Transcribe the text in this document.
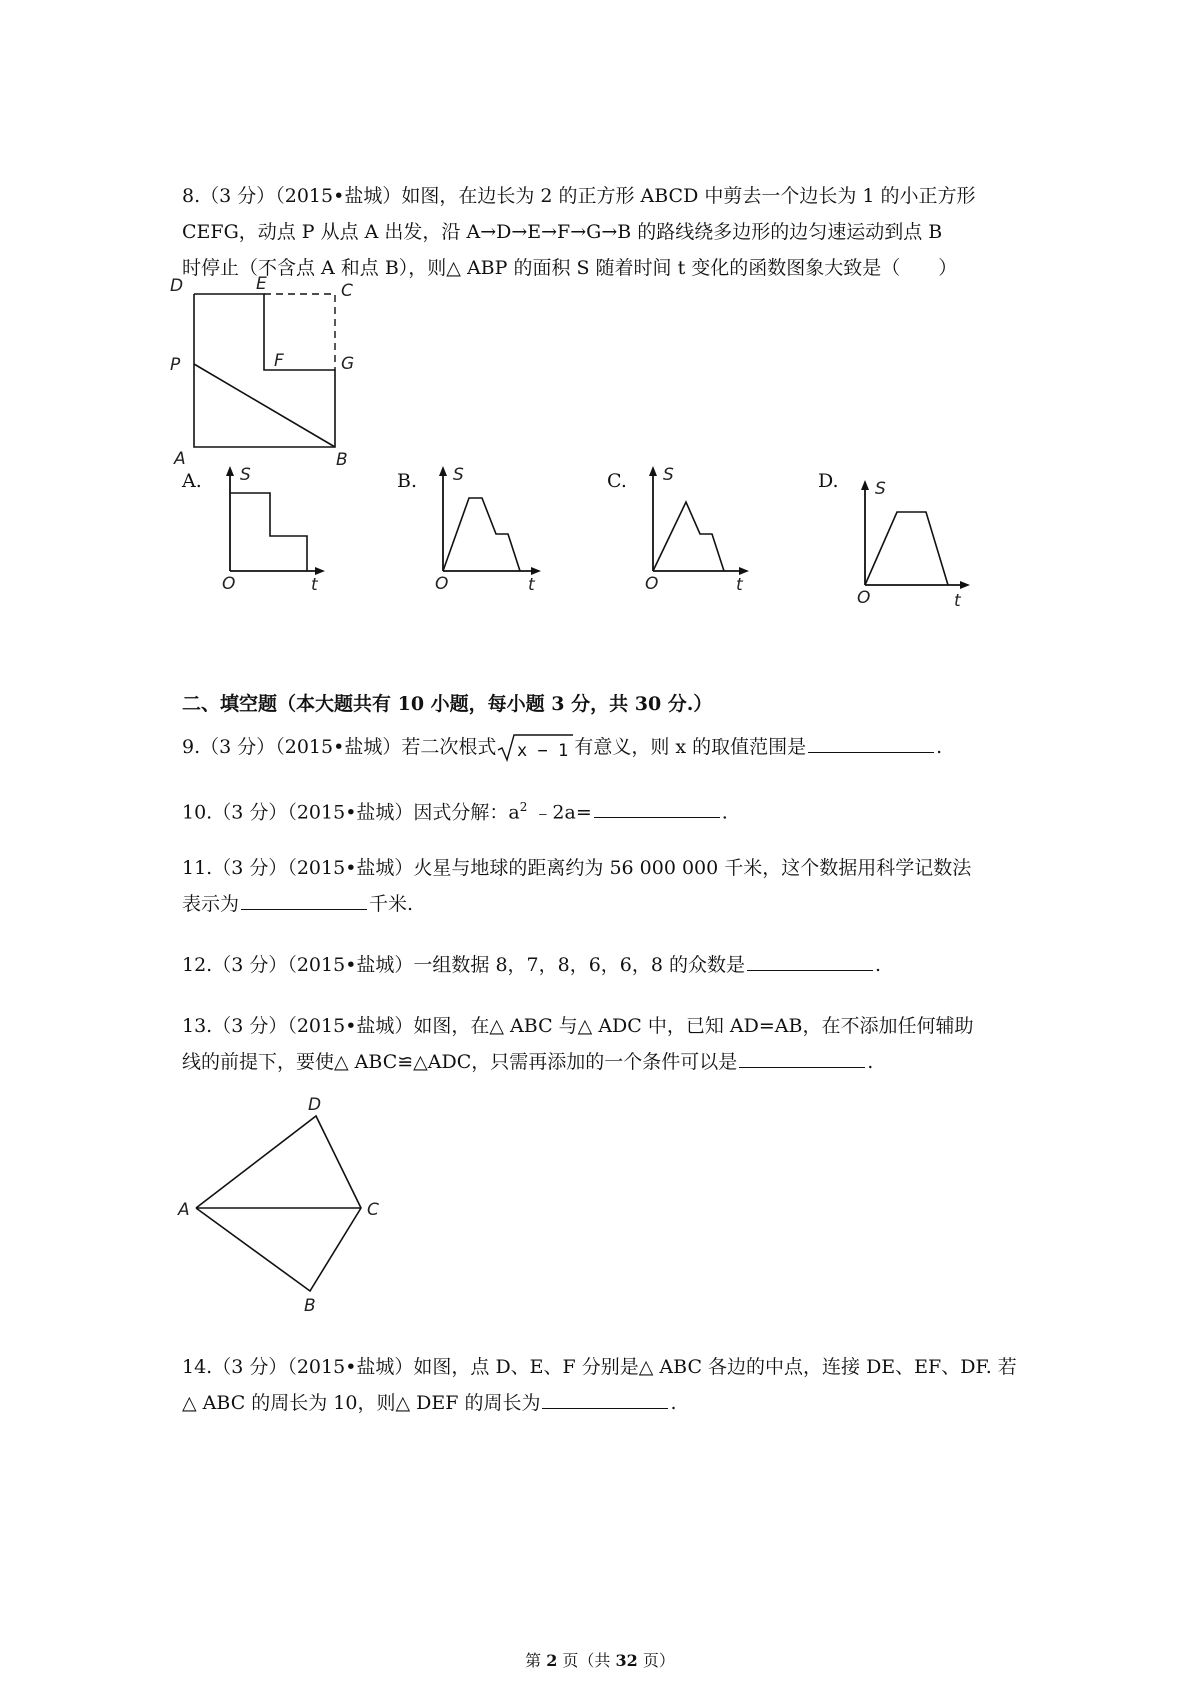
8.（3 分）（2015•盐城）如图，在边长为 2 的正方形 ABCD 中剪去一个边长为 1 的小正方形
CEFG，动点 P 从点 A 出发，沿 A→D→E→F→G→B 的路线绕多边形的边匀速运动到点 B
时停止（不含点 A 和点 B），则△ ABP 的面积 S 随着时间 t 变化的函数图象大致是（　　）
D	E	C
P	F	G
A	B
A. S
O	t
B. S
O	t
C. S
O	t
D. S
O	t
二、填空题（本大题共有 10 小题，每小题 3 分，共 30 分.）
9.（3 分）（2015•盐城）若二次根式 x − 1 有意义，则 x 的取值范围是	.
10.（3 分）（2015•盐城）因式分解：$a^2$ ﹣2a=	.
11.（3 分）（2015•盐城）火星与地球的距离约为 56 000 000 千米，这个数据用科学记数法
表示为	千米.
12.（3 分）（2015•盐城）一组数据 8，7，8，6，6，8 的众数是	.
13.（3 分）（2015•盐城）如图，在△ ABC 与△ ADC 中，已知 AD=AB，在不添加任何辅助
线的前提下，要使△ ABC≌△ADC，只需再添加的一个条件可以是	.
D
A	C
B
14.（3 分）（2015•盐城）如图，点 D、E、F 分别是△ ABC 各边的中点，连接 DE、EF、DF. 若
△ ABC 的周长为 10，则△ DEF 的周长为	.
第 2 页（共 32 页）
